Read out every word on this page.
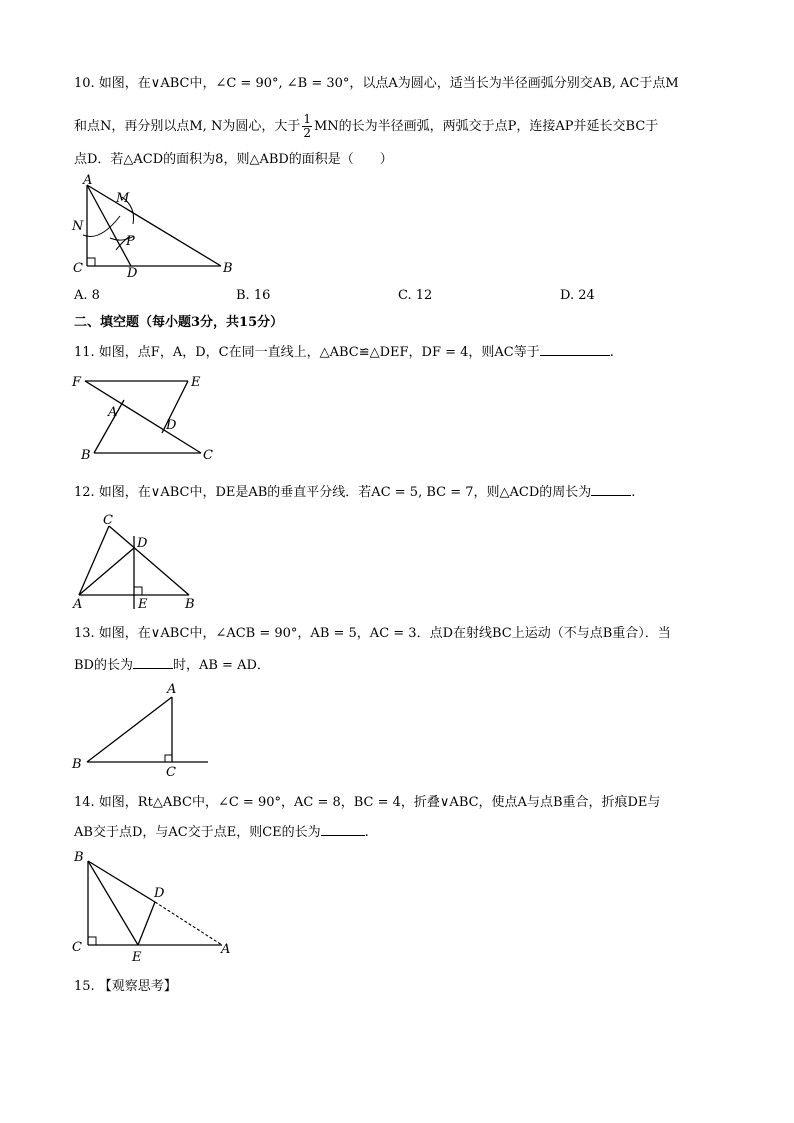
10. 如图，在∨ABC中，∠C = 90°, ∠B = 30°，以点A为圆心，适当长为半径画弧分别交AB, AC于点M
和点N，再分别以点M, N为圆心，大于 $\frac{1}{2}$ MN的长为半径画弧，两弧交于点P，连接AP并延长交BC于
点D．若△ACD的面积为8，则△ABD的面积是（　　）
A
M
N
P
C	D	B
A. 8	B. 16	C. 12	D. 24
二、填空题（每小题3分，共15分）
11. 如图，点F，A，D，C在同一直线上，△ABC≌△DEF，DF = 4，则AC等于	.
F	E
A
D
B	C
12. 如图，在∨ABC中，DE是AB的垂直平分线．若AC = 5, BC = 7，则△ACD的周长为	.
C
D
A	E	B
13. 如图，在∨ABC中，∠ACB = 90°，AB = 5，AC = 3．点D在射线BC上运动（不与点B重合）．当
BD的长为	时，AB = AD．
A
B
C
14. 如图，Rt△ABC中，∠C = 90°，AC = 8，BC = 4，折叠∨ABC，使点A与点B重合，折痕DE与
AB交于点D，与AC交于点E，则CE的长为	.
B
D
C
E
A
15. 【观察思考】
